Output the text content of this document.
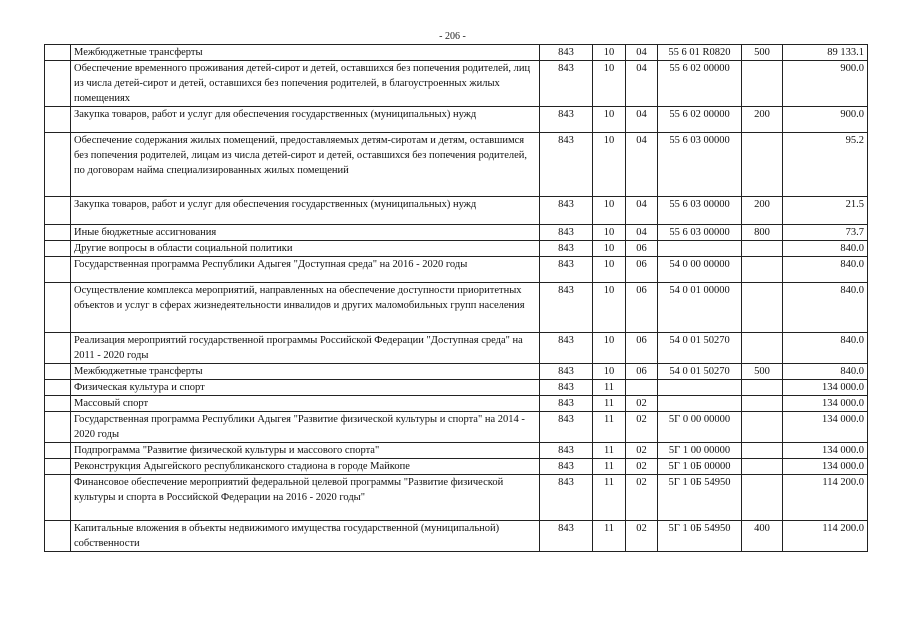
- 206 -
	Межбюджетные трансферты	843	10	04	55 6 01 R0820	500	89 133.1
	Обеспечение временного проживания детей-сирот и детей, оставшихся без попечения родителей, лиц из числа детей-сирот и детей, оставшихся без попечения родителей, в благоустроенных жилых помещениях	843	10	04	55 6 02 00000		900.0
	Закупка товаров, работ и услуг для обеспечения государственных (муниципальных) нужд	843	10	04	55 6 02 00000	200	900.0
	Обеспечение содержания жилых помещений, предоставляемых детям-сиротам и детям, оставшимся без попечения родителей, лицам из числа детей-сирот и детей, оставшихся без попечения родителей, по договорам найма специализированных жилых помещений	843	10	04	55 6 03 00000		95.2
	Закупка товаров, работ и услуг для обеспечения государственных (муниципальных) нужд	843	10	04	55 6 03 00000	200	21.5
	Иные бюджетные ассигнования	843	10	04	55 6 03 00000	800	73.7
	Другие вопросы в области социальной политики	843	10	06			840.0
	Государственная программа Республики Адыгея "Доступная среда" на 2016 - 2020 годы	843	10	06	54 0 00 00000		840.0
	Осуществление комплекса мероприятий, направленных на обеспечение доступности приоритетных объектов и услуг в сферах жизнедеятельности инвалидов и других маломобильных групп населения	843	10	06	54 0 01 00000		840.0
	Реализация мероприятий государственной программы Российской Федерации "Доступная среда" на 2011 - 2020 годы	843	10	06	54 0 01 50270		840.0
	Межбюджетные трансферты	843	10	06	54 0 01 50270	500	840.0
	Физическая культура и спорт	843	11				134 000.0
	Массовый спорт	843	11	02			134 000.0
	Государственная программа Республики Адыгея "Развитие физической культуры и спорта" на 2014 - 2020 годы	843	11	02	5Г 0 00 00000		134 000.0
	Подпрограмма "Развитие физической культуры и массового спорта"	843	11	02	5Г 1 00 00000		134 000.0
	Реконструкция Адыгейского республиканского стадиона в городе Майкопе	843	11	02	5Г 1 0Б 00000		134 000.0
	Финансовое обеспечение мероприятий федеральной целевой программы "Развитие физической культуры и спорта в Российской Федерации на 2016 - 2020 годы"	843	11	02	5Г 1 0Б 54950		114 200.0
	Капитальные вложения в объекты недвижимого имущества государственной (муниципальной) собственности	843	11	02	5Г 1 0Б 54950	400	114 200.0
